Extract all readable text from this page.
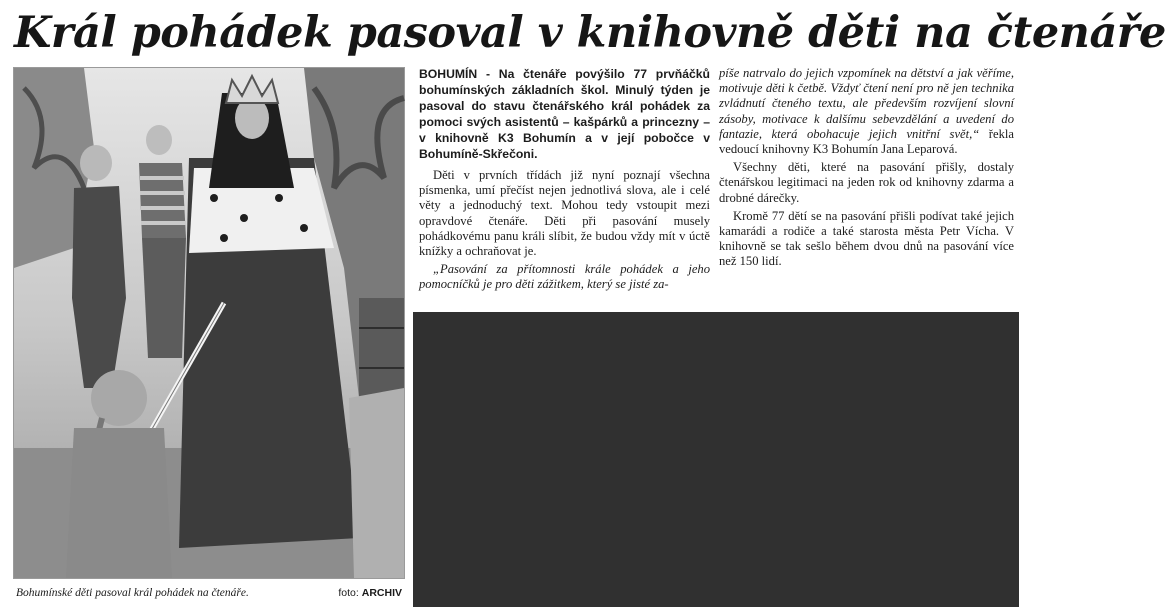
Král pohádek pasoval v knihovně děti na čtenáře
Bohumínské děti pasoval král pohádek na čtenáře.	foto: ARCHIV

BOHUMÍN - Na čtenáře povýšilo 77 prvňáčků bohumínských základních škol. Minulý týden je pasoval do stavu čtenářského král pohádek za pomoci svých asistentů – kašpárků a princezny – v knihovně K3 Bohumín a v její pobočce v Bohumíně-Skřečoni.

Děti v prvních třídách již nyní poznají všechna písmenka, umí přečíst nejen jednotlivá slova, ale i celé věty a jednoduchý text. Mohou tedy vstoupit mezi opravdové čtenáře. Děti při pasování musely pohádkovému panu králi slíbit, že budou vždy mít v úctě knížky a ochraňovat je.

„Pasování za přítomnosti krále pohádek a jeho pomocníčků je pro děti zážitkem, který se jisté za-

píše natrvalo do jejich vzpomínek na dětství a jak věříme, motivuje děti k četbě. Vždyť čtení není pro ně jen technika zvládnutí čteného textu, ale především rozvíjení slovní zásoby, motivace k dalšímu sebevzdělání a uvedení do fantazie, která obohacuje jejich vnitřní svět,“ řekla vedoucí knihovny K3 Bohumín Jana Leparová.

Všechny děti, které na pasování přišly, dostaly čtenářskou legitimaci na jeden rok od knihovny zdarma a drobné dárečky.

Kromě 77 dětí se na pasování přišli podívat také jejich kamarádi a rodiče a také starosta města Petr Vícha. V knihovně se tak sešlo během dvou dnů na pasování více než 150 lidí.
